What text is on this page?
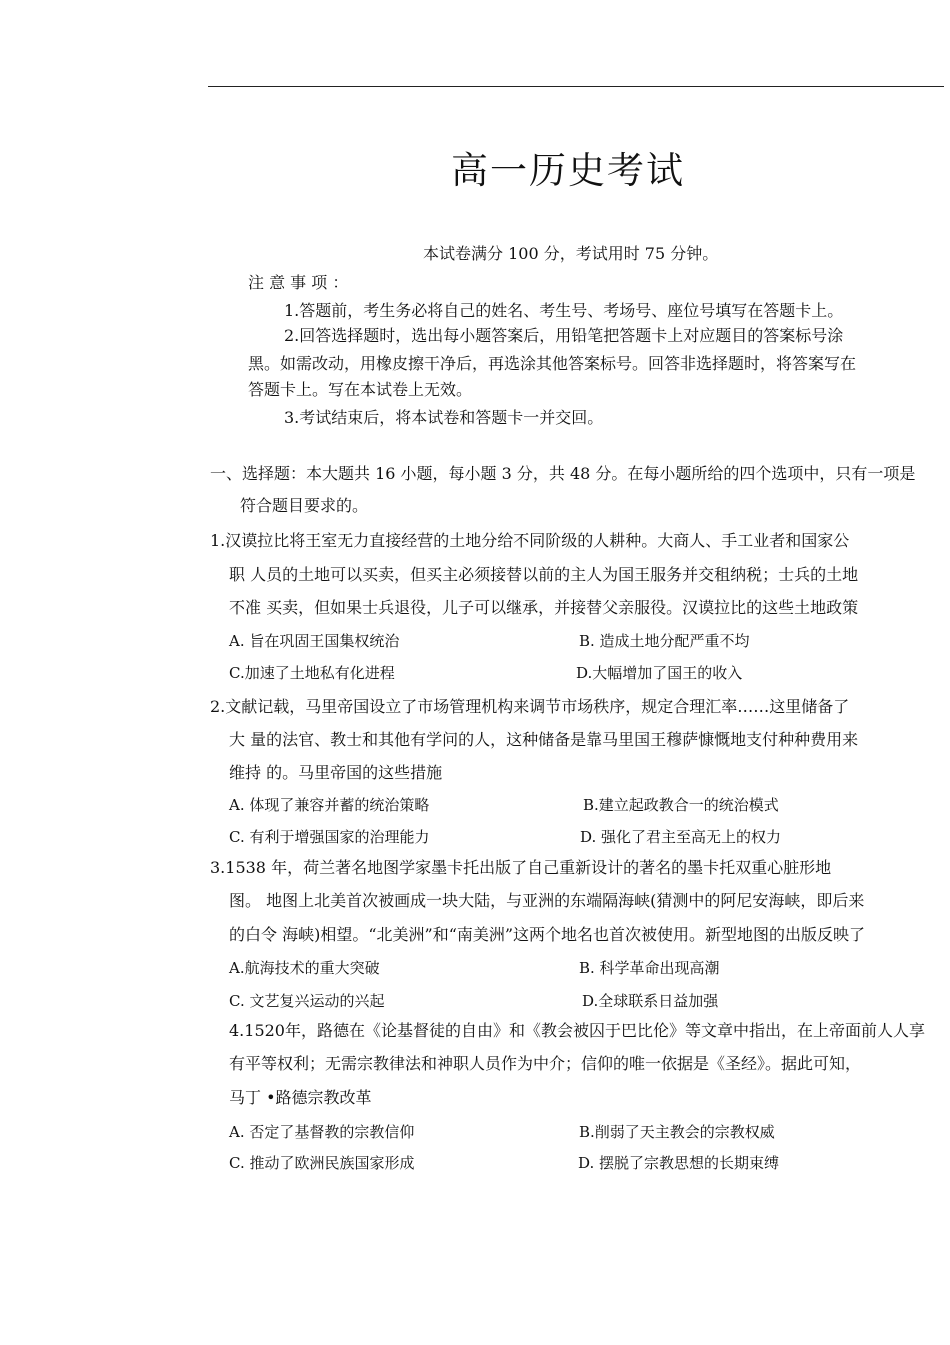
高一历史考试
本试卷满分 100 分，考试用时 75 分钟。
注 意 事 项 ：
1.答题前，考生务必将自己的姓名、考生号、考场号、座位号填写在答题卡上。
2.回答选择题时，选出每小题答案后，用铅笔把答题卡上对应题目的答案标号涂
黑。如需改动，用橡皮擦干净后，再选涂其他答案标号。回答非选择题时，将答案写在
答题卡上。写在本试卷上无效。
3.考试结束后，将本试卷和答题卡一并交回。
一、选择题：本大题共 16 小题，每小题 3 分，共 48 分。在每小题所给的四个选项中，只有一项是
符合题目要求的。
1.汉谟拉比将王室无力直接经营的土地分给不同阶级的人耕种。大商人、手工业者和国家公
职 人员的土地可以买卖，但买主必须接替以前的主人为国王服务并交租纳税；士兵的土地
不准 买卖，但如果士兵退役，儿子可以继承，并接替父亲服役。汉谟拉比的这些土地政策
A. 旨在巩固王国集权统治	B. 造成土地分配严重不均
C.加速了土地私有化进程	D.大幅增加了国王的收入
2.文献记载，马里帝国设立了市场管理机构来调节市场秩序，规定合理汇率……这里储备了
大 量的法官、教士和其他有学问的人，这种储备是靠马里国王穆萨慷慨地支付种种费用来
维持 的。马里帝国的这些措施
A. 体现了兼容并蓄的统治策略	B.建立起政教合一的统治模式
C. 有利于增强国家的治理能力	D. 强化了君主至高无上的权力
3.1538 年，荷兰著名地图学家墨卡托出版了自己重新设计的著名的墨卡托双重心脏形地
图。 地图上北美首次被画成一块大陆，与亚洲的东端隔海峡(猜测中的阿尼安海峡，即后来
的白令 海峡)相望。“北美洲”和“南美洲”这两个地名也首次被使用。新型地图的出版反映了
A.航海技术的重大突破	B. 科学革命出现高潮
C. 文艺复兴运动的兴起	D.全球联系日益加强
4.1520年，路德在《论基督徒的自由》和《教会被囚于巴比伦》等文章中指出，在上帝面前人人享
有平等权利；无需宗教律法和神职人员作为中介；信仰的唯一依据是《圣经》。据此可知，
马丁 •路德宗教改革
A. 否定了基督教的宗教信仰	B.削弱了天主教会的宗教权威
C. 推动了欧洲民族国家形成	D. 摆脱了宗教思想的长期束缚
